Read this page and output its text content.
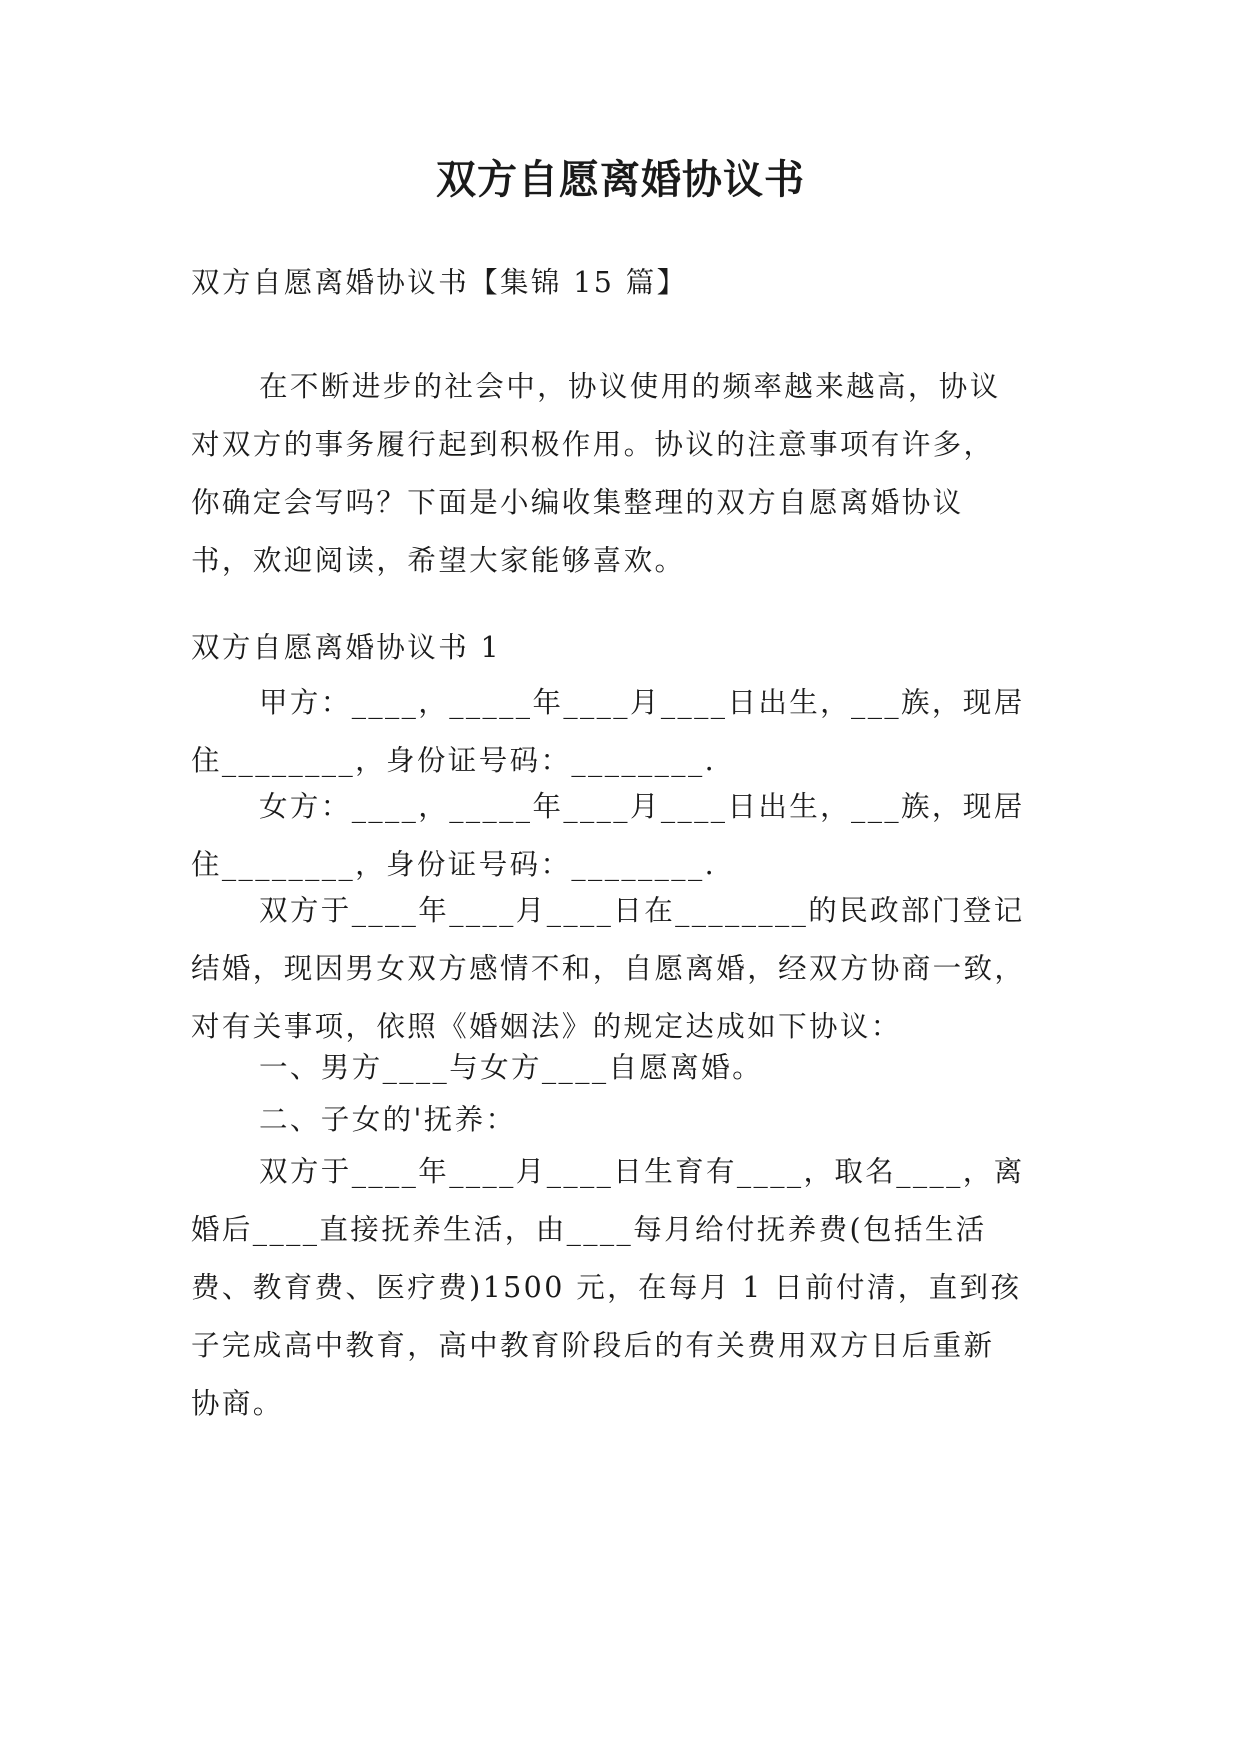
双方自愿离婚协议书

双方自愿离婚协议书【集锦 15 篇】

在不断进步的社会中，协议使用的频率越来越高，协议
对双方的事务履行起到积极作用。协议的注意事项有许多，
你确定会写吗？下面是小编收集整理的双方自愿离婚协议
书，欢迎阅读，希望大家能够喜欢。

双方自愿离婚协议书 1

甲方：____，_____年____月____日出生，___族，现居
住________，身份证号码：________.
女方：____，_____年____月____日出生，___族，现居
住________，身份证号码：________.
双方于____年____月____日在________的民政部门登记
结婚，现因男女双方感情不和，自愿离婚，经双方协商一致，
对有关事项，依照《婚姻法》的规定达成如下协议：

一、男方____与女方____自愿离婚。

二、子女的'抚养：

双方于____年____月____日生育有____，取名____，离
婚后____直接抚养生活，由____每月给付抚养费(包括生活
费、教育费、医疗费)1500 元，在每月 1 日前付清，直到孩
子完成高中教育，高中教育阶段后的有关费用双方日后重新
协商。
